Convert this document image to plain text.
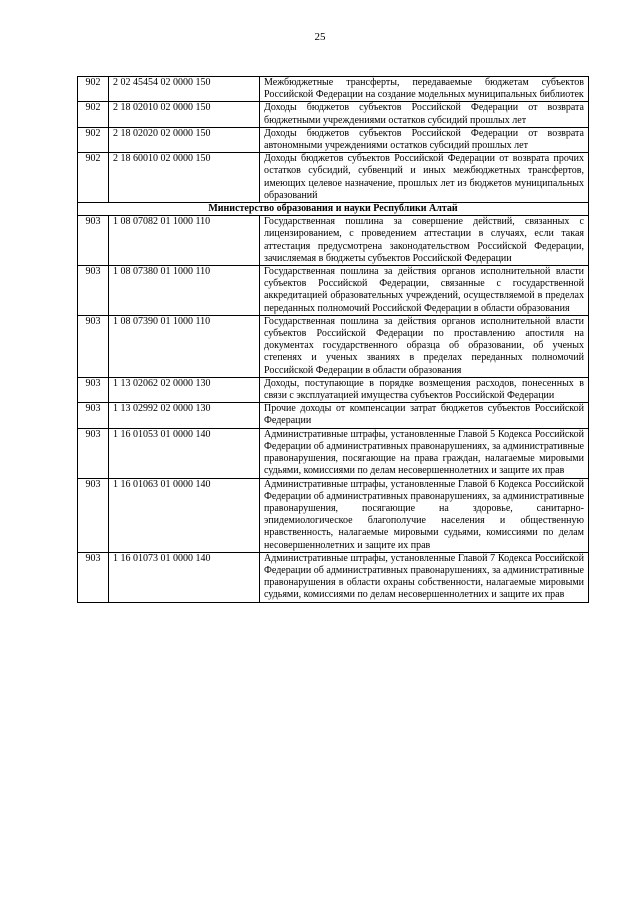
25
902	2 02 45454 02 0000 150	Межбюджетные трансферты, передаваемые бюджетам субъектов Российской Федерации на создание модельных муниципальных библиотек
902	2 18 02010 02 0000 150	Доходы бюджетов субъектов Российской Федерации от возврата бюджетными учреждениями остатков субсидий прошлых лет
902	2 18 02020 02 0000 150	Доходы бюджетов субъектов Российской Федерации от возврата автономными учреждениями остатков субсидий прошлых лет
902	2 18 60010 02 0000 150	Доходы бюджетов субъектов Российской Федерации от возврата прочих остатков субсидий, субвенций и иных межбюджетных трансфертов, имеющих целевое назначение, прошлых лет из бюджетов муниципальных образований
Министерство образования и науки Республики Алтай		
903	1 08 07082 01 1000 110	Государственная пошлина за совершение действий, связанных с лицензированием, с проведением аттестации в случаях, если такая аттестация предусмотрена законодательством Российской Федерации, зачисляемая в бюджеты субъектов Российской Федерации
903	1 08 07380 01 1000 110	Государственная пошлина за действия органов исполнительной власти субъектов Российской Федерации, связанные с государственной аккредитацией образовательных учреждений, осуществляемой в пределах переданных полномочий Российской Федерации в области образования
903	1 08 07390 01 1000 110	Государственная пошлина за действия органов исполнительной власти субъектов Российской Федерации по проставлению апостиля на документах государственного образца об образовании, об ученых степенях и ученых званиях в пределах переданных полномочий Российской Федерации в области образования
903	1 13 02062 02 0000 130	Доходы, поступающие в порядке возмещения расходов, понесенных в связи с эксплуатацией имущества субъектов Российской Федерации
903	1 13 02992 02 0000 130	Прочие доходы от компенсации затрат бюджетов субъектов Российской Федерации
903	1 16 01053 01 0000 140	Административные штрафы, установленные Главой 5 Кодекса Российской Федерации об административных правонарушениях, за административные правонарушения, посягающие на права граждан, налагаемые мировыми судьями, комиссиями по делам несовершеннолетних и защите их прав
903	1 16 01063 01 0000 140	Административные штрафы, установленные Главой 6 Кодекса Российской Федерации об административных правонарушениях, за административные правонарушения, посягающие на здоровье, санитарно-эпидемиологическое благополучие населения и общественную нравственность, налагаемые мировыми судьями, комиссиями по делам несовершеннолетних и защите их прав
903	1 16 01073 01 0000 140	Административные штрафы, установленные Главой 7 Кодекса Российской Федерации об административных правонарушениях, за административные правонарушения в области охраны собственности, налагаемые мировыми судьями, комиссиями по делам несовершеннолетних и защите их прав
